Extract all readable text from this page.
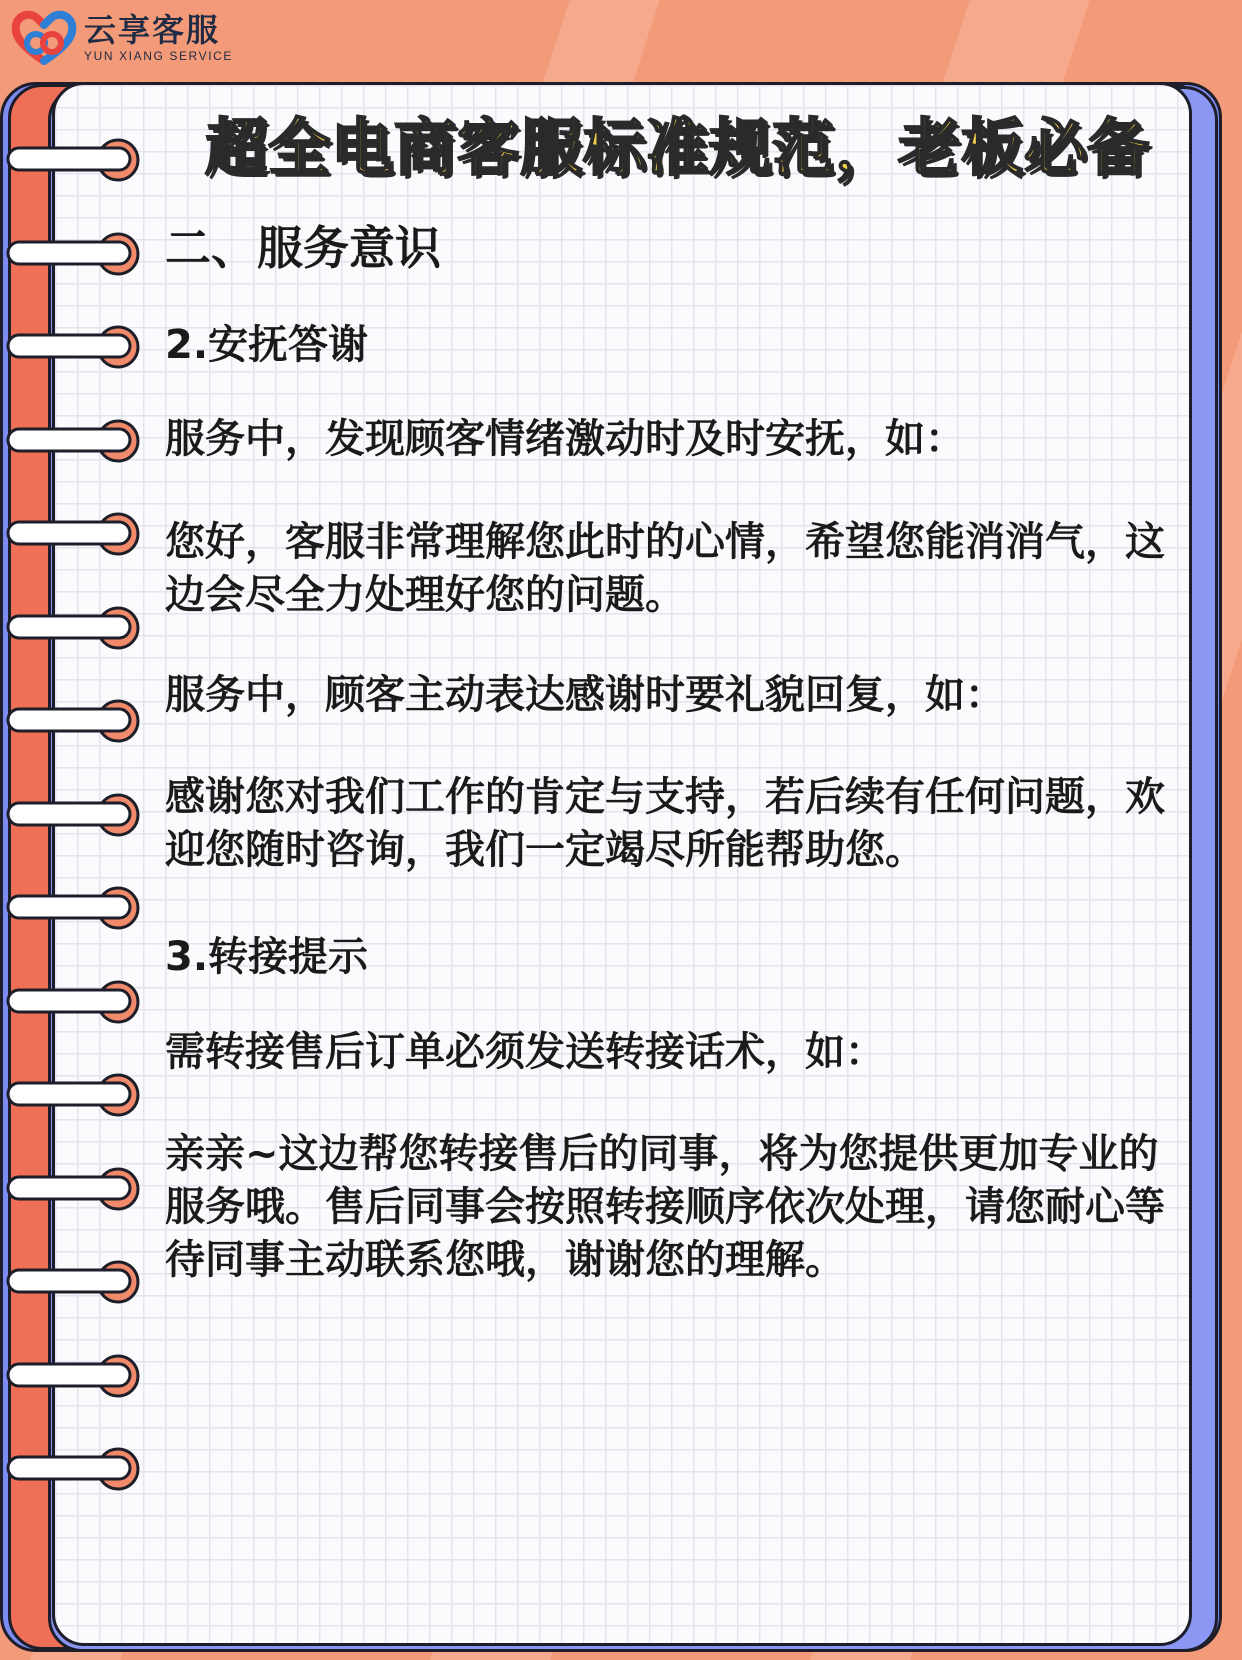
云享客服
YUN XIANG SERVICE
超全电商客服标准规范，老板必备
二、服务意识
2.安抚答谢
服务中，发现顾客情绪激动时及时安抚，如：
您好，客服非常理解您此时的心情，希望您能消消气，这边会尽全力处理好您的问题。
服务中，顾客主动表达感谢时要礼貌回复，如：
感谢您对我们工作的肯定与支持，若后续有任何问题，欢迎您随时咨询，我们一定竭尽所能帮助您。
3.转接提示
需转接售后订单必须发送转接话术，如：
亲亲~这边帮您转接售后的同事，将为您提供更加专业的服务哦。售后同事会按照转接顺序依次处理，请您耐心等待同事主动联系您哦，谢谢您的理解。
